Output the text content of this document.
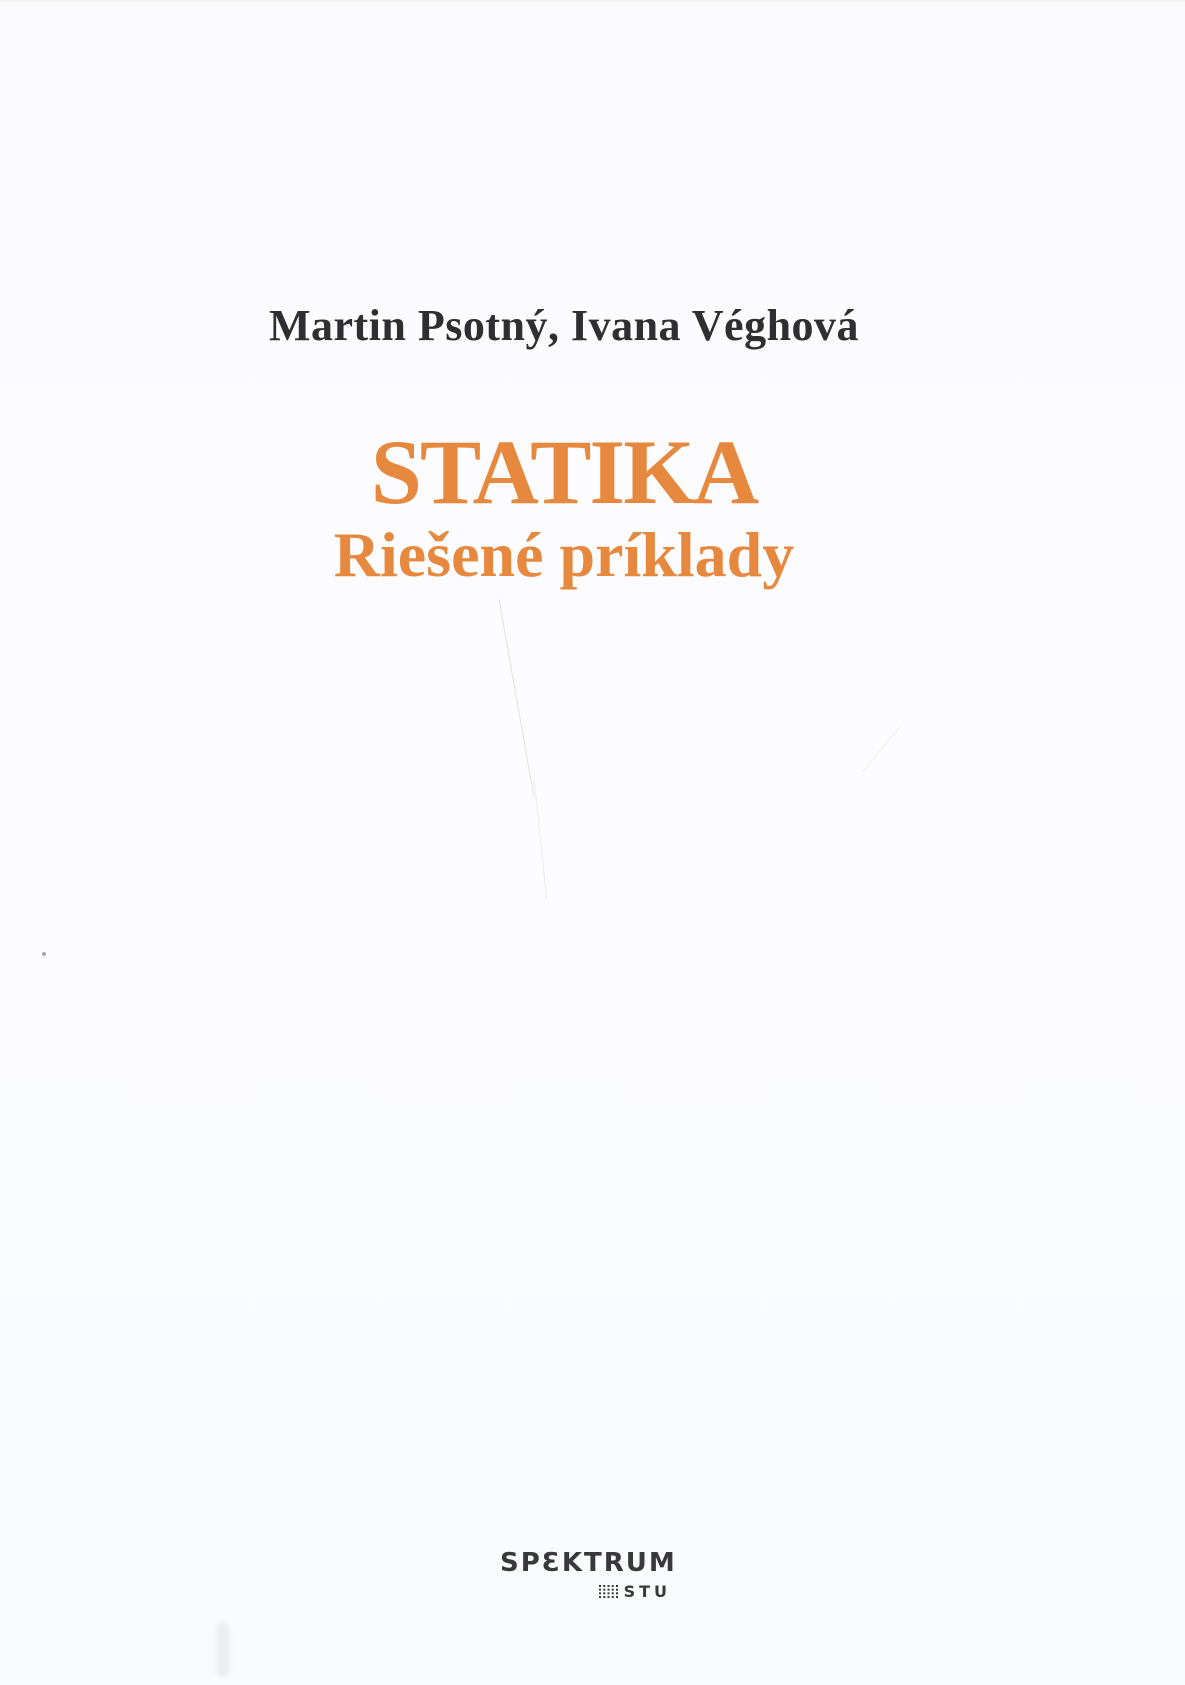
Martin Psotný, Ivana Véghová
STATIKA
Riešené príklady
SPƐKTRUM
STU
